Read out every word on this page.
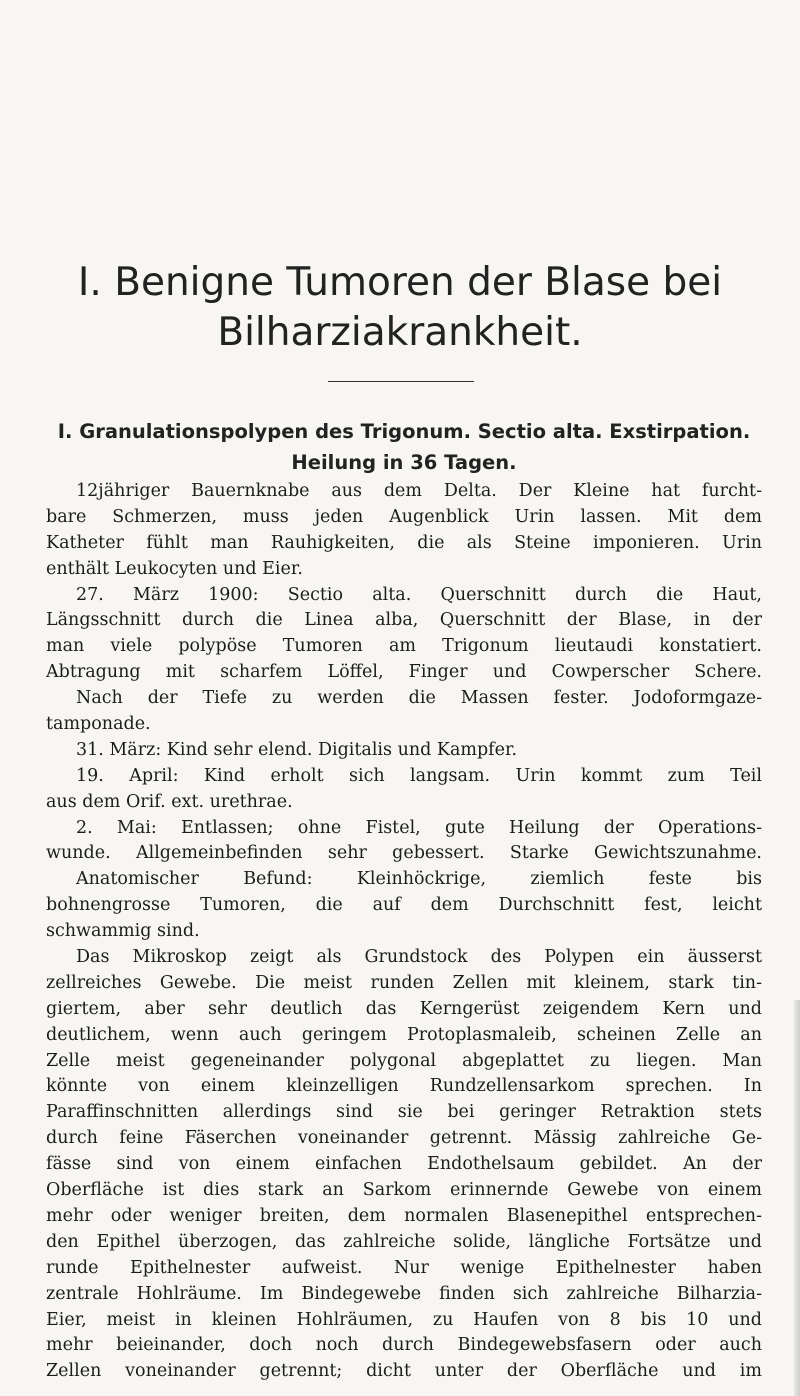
I. Benigne Tumoren der Blase bei
Bilharziakrankheit.
I. Granulationspolypen des Trigonum. Sectio alta. Exstirpation.
Heilung in 36 Tagen.
12jähriger Bauernknabe aus dem Delta. Der Kleine hat furcht-
bare Schmerzen, muss jeden Augenblick Urin lassen. Mit dem
Katheter fühlt man Rauhigkeiten, die als Steine imponieren. Urin
enthält Leukocyten und Eier.
27. März 1900: Sectio alta. Querschnitt durch die Haut,
Längsschnitt durch die Linea alba, Querschnitt der Blase, in der
man viele polypöse Tumoren am Trigonum lieutaudi konstatiert.
Abtragung mit scharfem Löffel, Finger und Cowperscher Schere.
Nach der Tiefe zu werden die Massen fester. Jodoformgaze-
tamponade.
31. März: Kind sehr elend. Digitalis und Kampfer.
19. April: Kind erholt sich langsam. Urin kommt zum Teil
aus dem Orif. ext. urethrae.
2. Mai: Entlassen; ohne Fistel, gute Heilung der Operations-
wunde. Allgemeinbefinden sehr gebessert. Starke Gewichtszunahme.
Anatomischer Befund: Kleinhöckrige, ziemlich feste bis
bohnengrosse Tumoren, die auf dem Durchschnitt fest, leicht
schwammig sind.
Das Mikroskop zeigt als Grundstock des Polypen ein äusserst
zellreiches Gewebe. Die meist runden Zellen mit kleinem, stark tin-
giertem, aber sehr deutlich das Kerngerüst zeigendem Kern und
deutlichem, wenn auch geringem Protoplasmaleib, scheinen Zelle an
Zelle meist gegeneinander polygonal abgeplattet zu liegen. Man
könnte von einem kleinzelligen Rundzellensarkom sprechen. In
Paraffinschnitten allerdings sind sie bei geringer Retraktion stets
durch feine Fäserchen voneinander getrennt. Mässig zahlreiche Ge-
fässe sind von einem einfachen Endothelsaum gebildet. An der
Oberfläche ist dies stark an Sarkom erinnernde Gewebe von einem
mehr oder weniger breiten, dem normalen Blasenepithel entsprechen-
den Epithel überzogen, das zahlreiche solide, längliche Fortsätze und
runde Epithelnester aufweist. Nur wenige Epithelnester haben
zentrale Hohlräume. Im Bindegewebe finden sich zahlreiche Bilharzia-
Eier, meist in kleinen Hohlräumen, zu Haufen von 8 bis 10 und
mehr beieinander, doch noch durch Bindegewebsfasern oder auch
Zellen voneinander getrennt; dicht unter der Oberfläche und im
